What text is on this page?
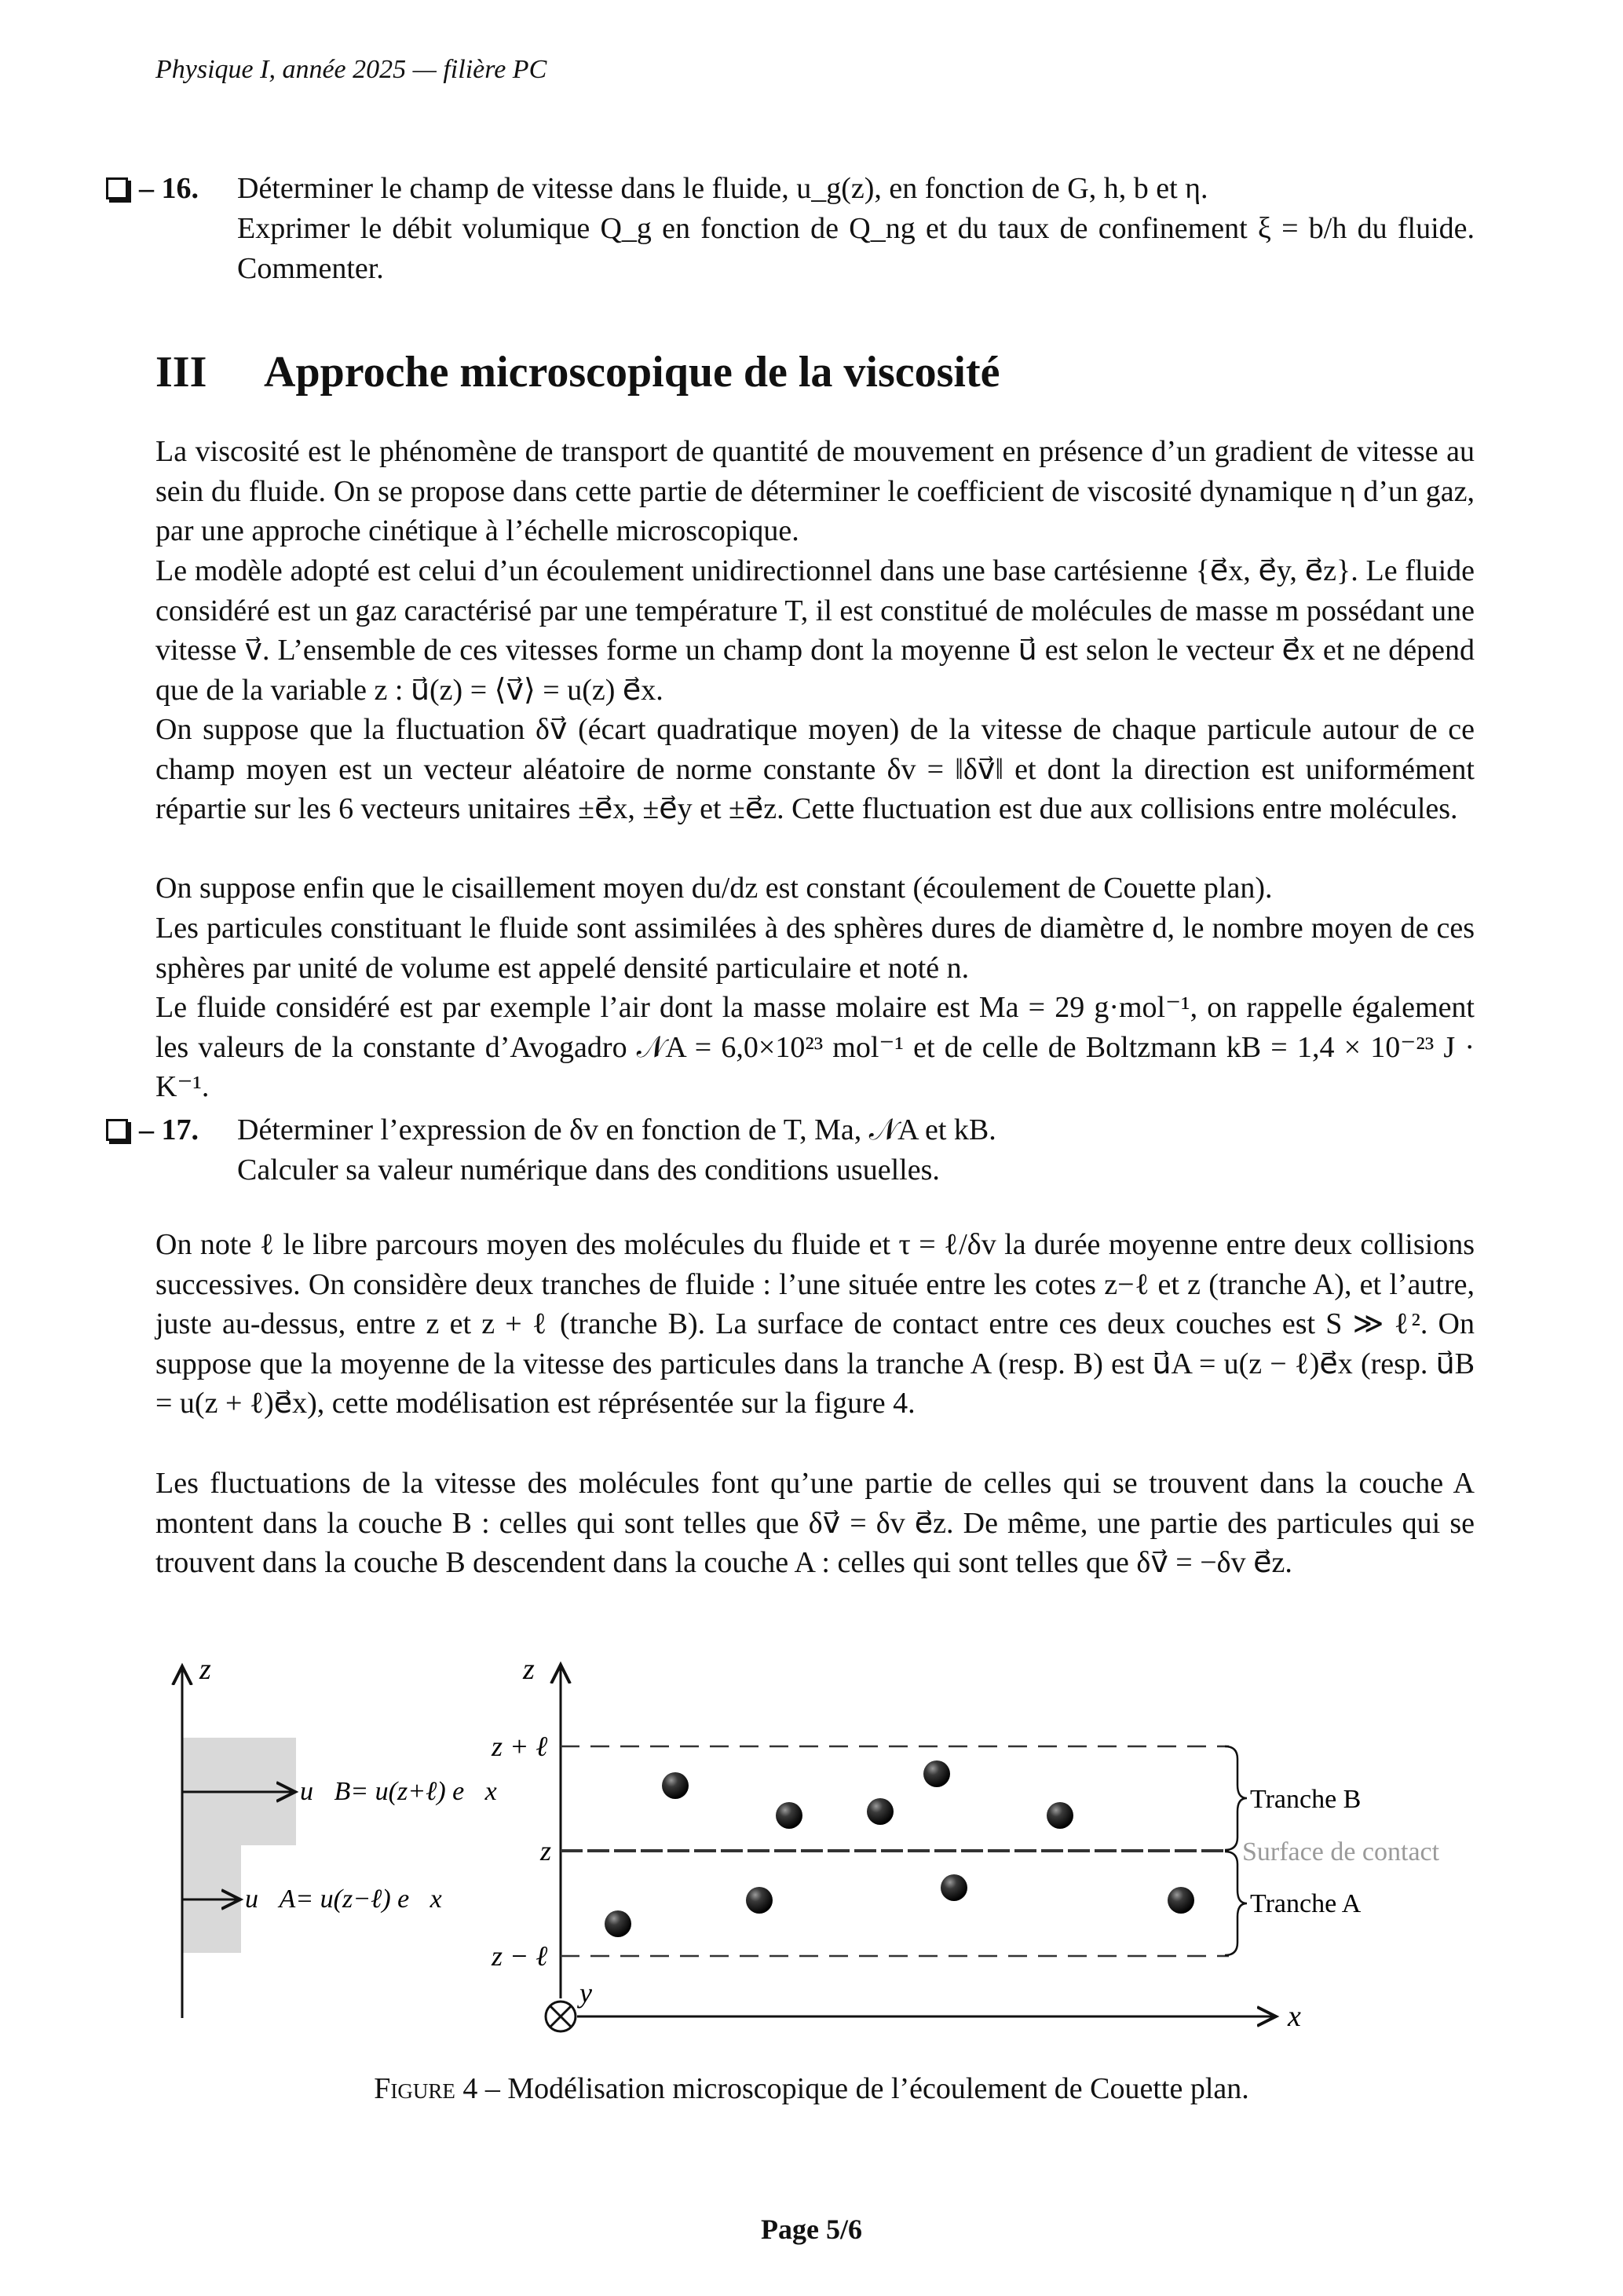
Physique I, année 2025 — filière PC
– 16. Déterminer le champ de vitesse dans le fluide, u_g(z), en fonction de G, h, b et η.

Exprimer le débit volumique Q_g en fonction de Q_ng et du taux de confinement ξ = b/h du fluide. Commenter.

III Approche microscopique de la viscosité

La viscosité est le phénomène de transport de quantité de mouvement en présence d’un gradient de vitesse au sein du fluide. On se propose dans cette partie de déterminer le coefficient de viscosité dynamique η d’un gaz, par une approche cinétique à l’échelle microscopique.

Le modèle adopté est celui d’un écoulement unidirectionnel dans une base cartésienne {e⃗x, e⃗y, e⃗z}. Le fluide considéré est un gaz caractérisé par une température T, il est constitué de molécules de masse m possédant une vitesse v⃗. L’ensemble de ces vitesses forme un champ dont la moyenne u⃗ est selon le vecteur e⃗x et ne dépend que de la variable z : u⃗(z) = ⟨v⃗⟩ = u(z) e⃗x.

On suppose que la fluctuation δv⃗ (écart quadratique moyen) de la vitesse de chaque particule autour de ce champ moyen est un vecteur aléatoire de norme constante δv = ‖δv⃗‖ et dont la direction est uniformément répartie sur les 6 vecteurs unitaires ±e⃗x, ±e⃗y et ±e⃗z. Cette fluctuation est due aux collisions entre molécules.

On suppose enfin que le cisaillement moyen du/dz est constant (écoulement de Couette plan).

Les particules constituant le fluide sont assimilées à des sphères dures de diamètre d, le nombre moyen de ces sphères par unité de volume est appelé densité particulaire et noté n.

Le fluide considéré est par exemple l’air dont la masse molaire est Ma = 29 g·mol⁻¹, on rappelle également les valeurs de la constante d’Avogadro 𝒩A = 6,0×10²³ mol⁻¹ et de celle de Boltzmann kB = 1,4 × 10⁻²³ J · K⁻¹.

– 17. Déterminer l’expression de δv en fonction de T, Ma, 𝒩A et kB.

Calculer sa valeur numérique dans des conditions usuelles.

On note ℓ le libre parcours moyen des molécules du fluide et τ = ℓ/δv la durée moyenne entre deux collisions successives. On considère deux tranches de fluide : l’une située entre les cotes z−ℓ et z (tranche A), et l’autre, juste au-dessus, entre z et z + ℓ (tranche B). La surface de contact entre ces deux couches est S ≫ ℓ². On suppose que la moyenne de la vitesse des particules dans la tranche A (resp. B) est u⃗A = u(z − ℓ)e⃗x (resp. u⃗B = u(z + ℓ)e⃗x), cette modélisation est réprésentée sur la figure 4.

Les fluctuations de la vitesse des molécules font qu’une partie de celles qui se trouvent dans la couche A montent dans la couche B : celles qui sont telles que δv⃗ = δv e⃗z. De même, une partie des particules qui se trouvent dans la couche B descendent dans la couche A : celles qui sont telles que δv⃗ = −δv e⃗z.

z
u⃗B= u(z+ℓ) e⃗x
u⃗A= u(z−ℓ) e⃗x
z
x
y
z + ℓ
z
z − ℓ
Tranche B
Surface de contact
Tranche A
Figure 4 – Modélisation microscopique de l’écoulement de Couette plan.
Page 5/6
